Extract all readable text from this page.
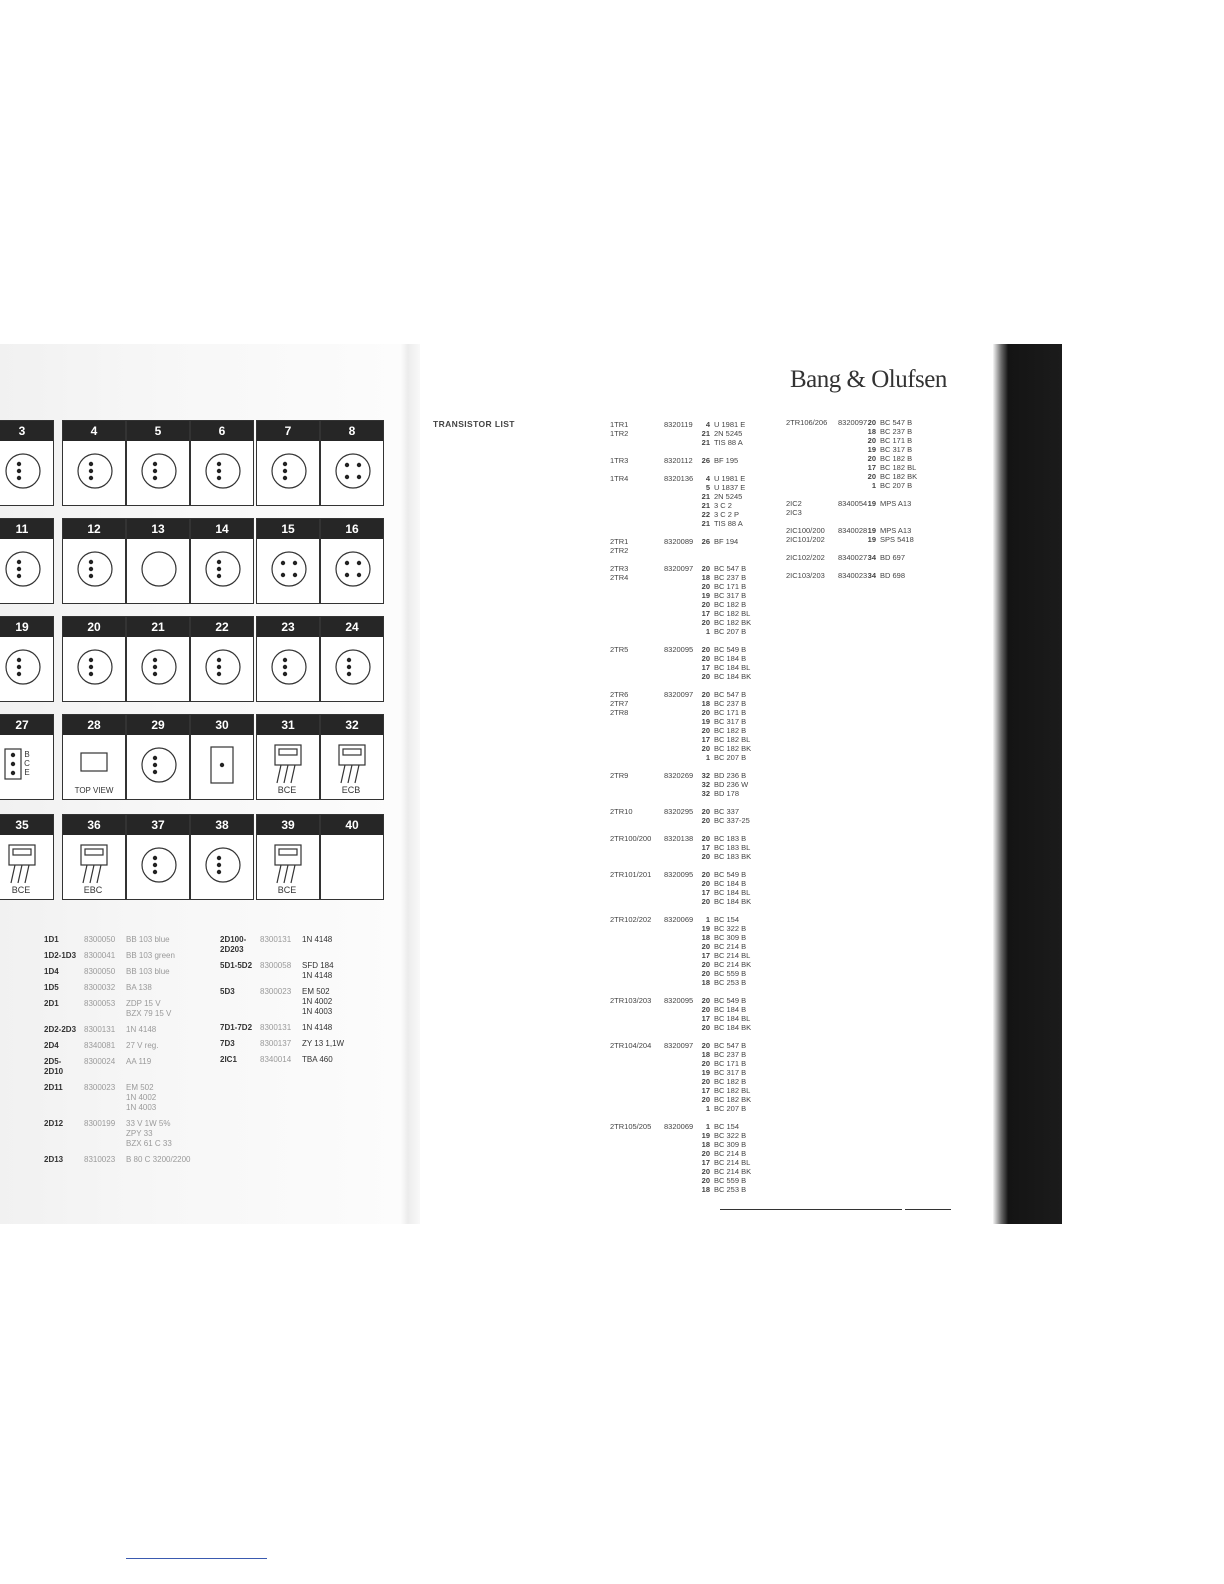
3	4	5	6	7	8
11	12	13	14	15	16
19	20	21	22	23	24
27
B
C
E
28
TOP VIEW
29	30	31
BCE
32
ECB
35
BCE
36
EBC
37	38	39
BCE
40
1D1	8300050 BB 103 blue
1D2-1D3 8300041 BB 103 green
1D4	8300050 BB 103 blue
1D5	8300032 BA 138
2D1	8300053 ZDP 15 V
BZX 79 15 V
2D2-2D3 8300131 1N 4148
2D4	8340081 27 V reg.
2D5-
2D10
8300024 AA 119
2D11	8300023 EM 502
1N 4002
1N 4003
2D12	8300199 33 V 1W 5%
ZPY 33
BZX 61 C 33
2D13	8310023 B 80 C 3200/2200
2D100-
2D203
8300131 1N 4148
5D1-5D2 8300058 SFD 184
1N 4148
5D3	8300023 EM 502
1N 4002
1N 4003
7D1-7D2 8300131 1N 4148
7D3	8300137 ZY 13 1,1W
2IC1	8340014 TBA 460
Bang & Olufsen
TRANSISTOR LIST	1TR1
1TR2
8320119	4 U 1981 E
21 2N 5245
21 TIS 88 A
1TR3	8320112	26 BF 195
1TR4	8320136	4 U 1981 E
5 U 1837 E
21 2N 5245
21 3 C 2
22 3 C 2 P
21 TIS 88 A
2TR1
2TR2
8320089	26 BF 194
2TR3
2TR4
8320097	20 BC 547 B
18 BC 237 B
20 BC 171 B
19 BC 317 B
20 BC 182 B
17 BC 182 BL
20 BC 182 BK
1 BC 207 B
2TR5	8320095	20 BC 549 B
20 BC 184 B
17 BC 184 BL
20 BC 184 BK
2TR6
2TR7
2TR8
8320097	20 BC 547 B
18 BC 237 B
20 BC 171 B
19 BC 317 B
20 BC 182 B
17 BC 182 BL
20 BC 182 BK
1 BC 207 B
2TR9	8320269	32 BD 236 B
32 BD 236 W
32 BD 178
2TR10	8320295	20 BC 337
20 BC 337-25
2TR100/200	8320138	20 BC 183 B
17 BC 183 BL
20 BC 183 BK
2TR101/201	8320095	20 BC 549 B
20 BC 184 B
17 BC 184 BL
20 BC 184 BK
2TR102/202	8320069	1 BC 154
19 BC 322 B
18 BC 309 B
20 BC 214 B
17 BC 214 BL
20 BC 214 BK
20 BC 559 B
18 BC 253 B
2TR103/203	8320095	20 BC 549 B
20 BC 184 B
17 BC 184 BL
20 BC 184 BK
2TR104/204	8320097	20 BC 547 B
18 BC 237 B
20 BC 171 B
19 BC 317 B
20 BC 182 B
17 BC 182 BL
20 BC 182 BK
1 BC 207 B
2TR105/205	8320069	1 BC 154
19 BC 322 B
18 BC 309 B
20 BC 214 B
17 BC 214 BL
20 BC 214 BK
20 BC 559 B
18 BC 253 B
2TR106/206	8320097 20 BC 547 B
18 BC 237 B
20 BC 171 B
19 BC 317 B
20 BC 182 B
17 BC 182 BL
20 BC 182 BK
1 BC 207 B
2IC2
2IC3
8340054 19 MPS A13
2IC100/200
2IC101/202
8340028 19 MPS A13
19 SPS 5418
2IC102/202	8340027 34 BD 697
2IC103/203	8340023 34 BD 698
